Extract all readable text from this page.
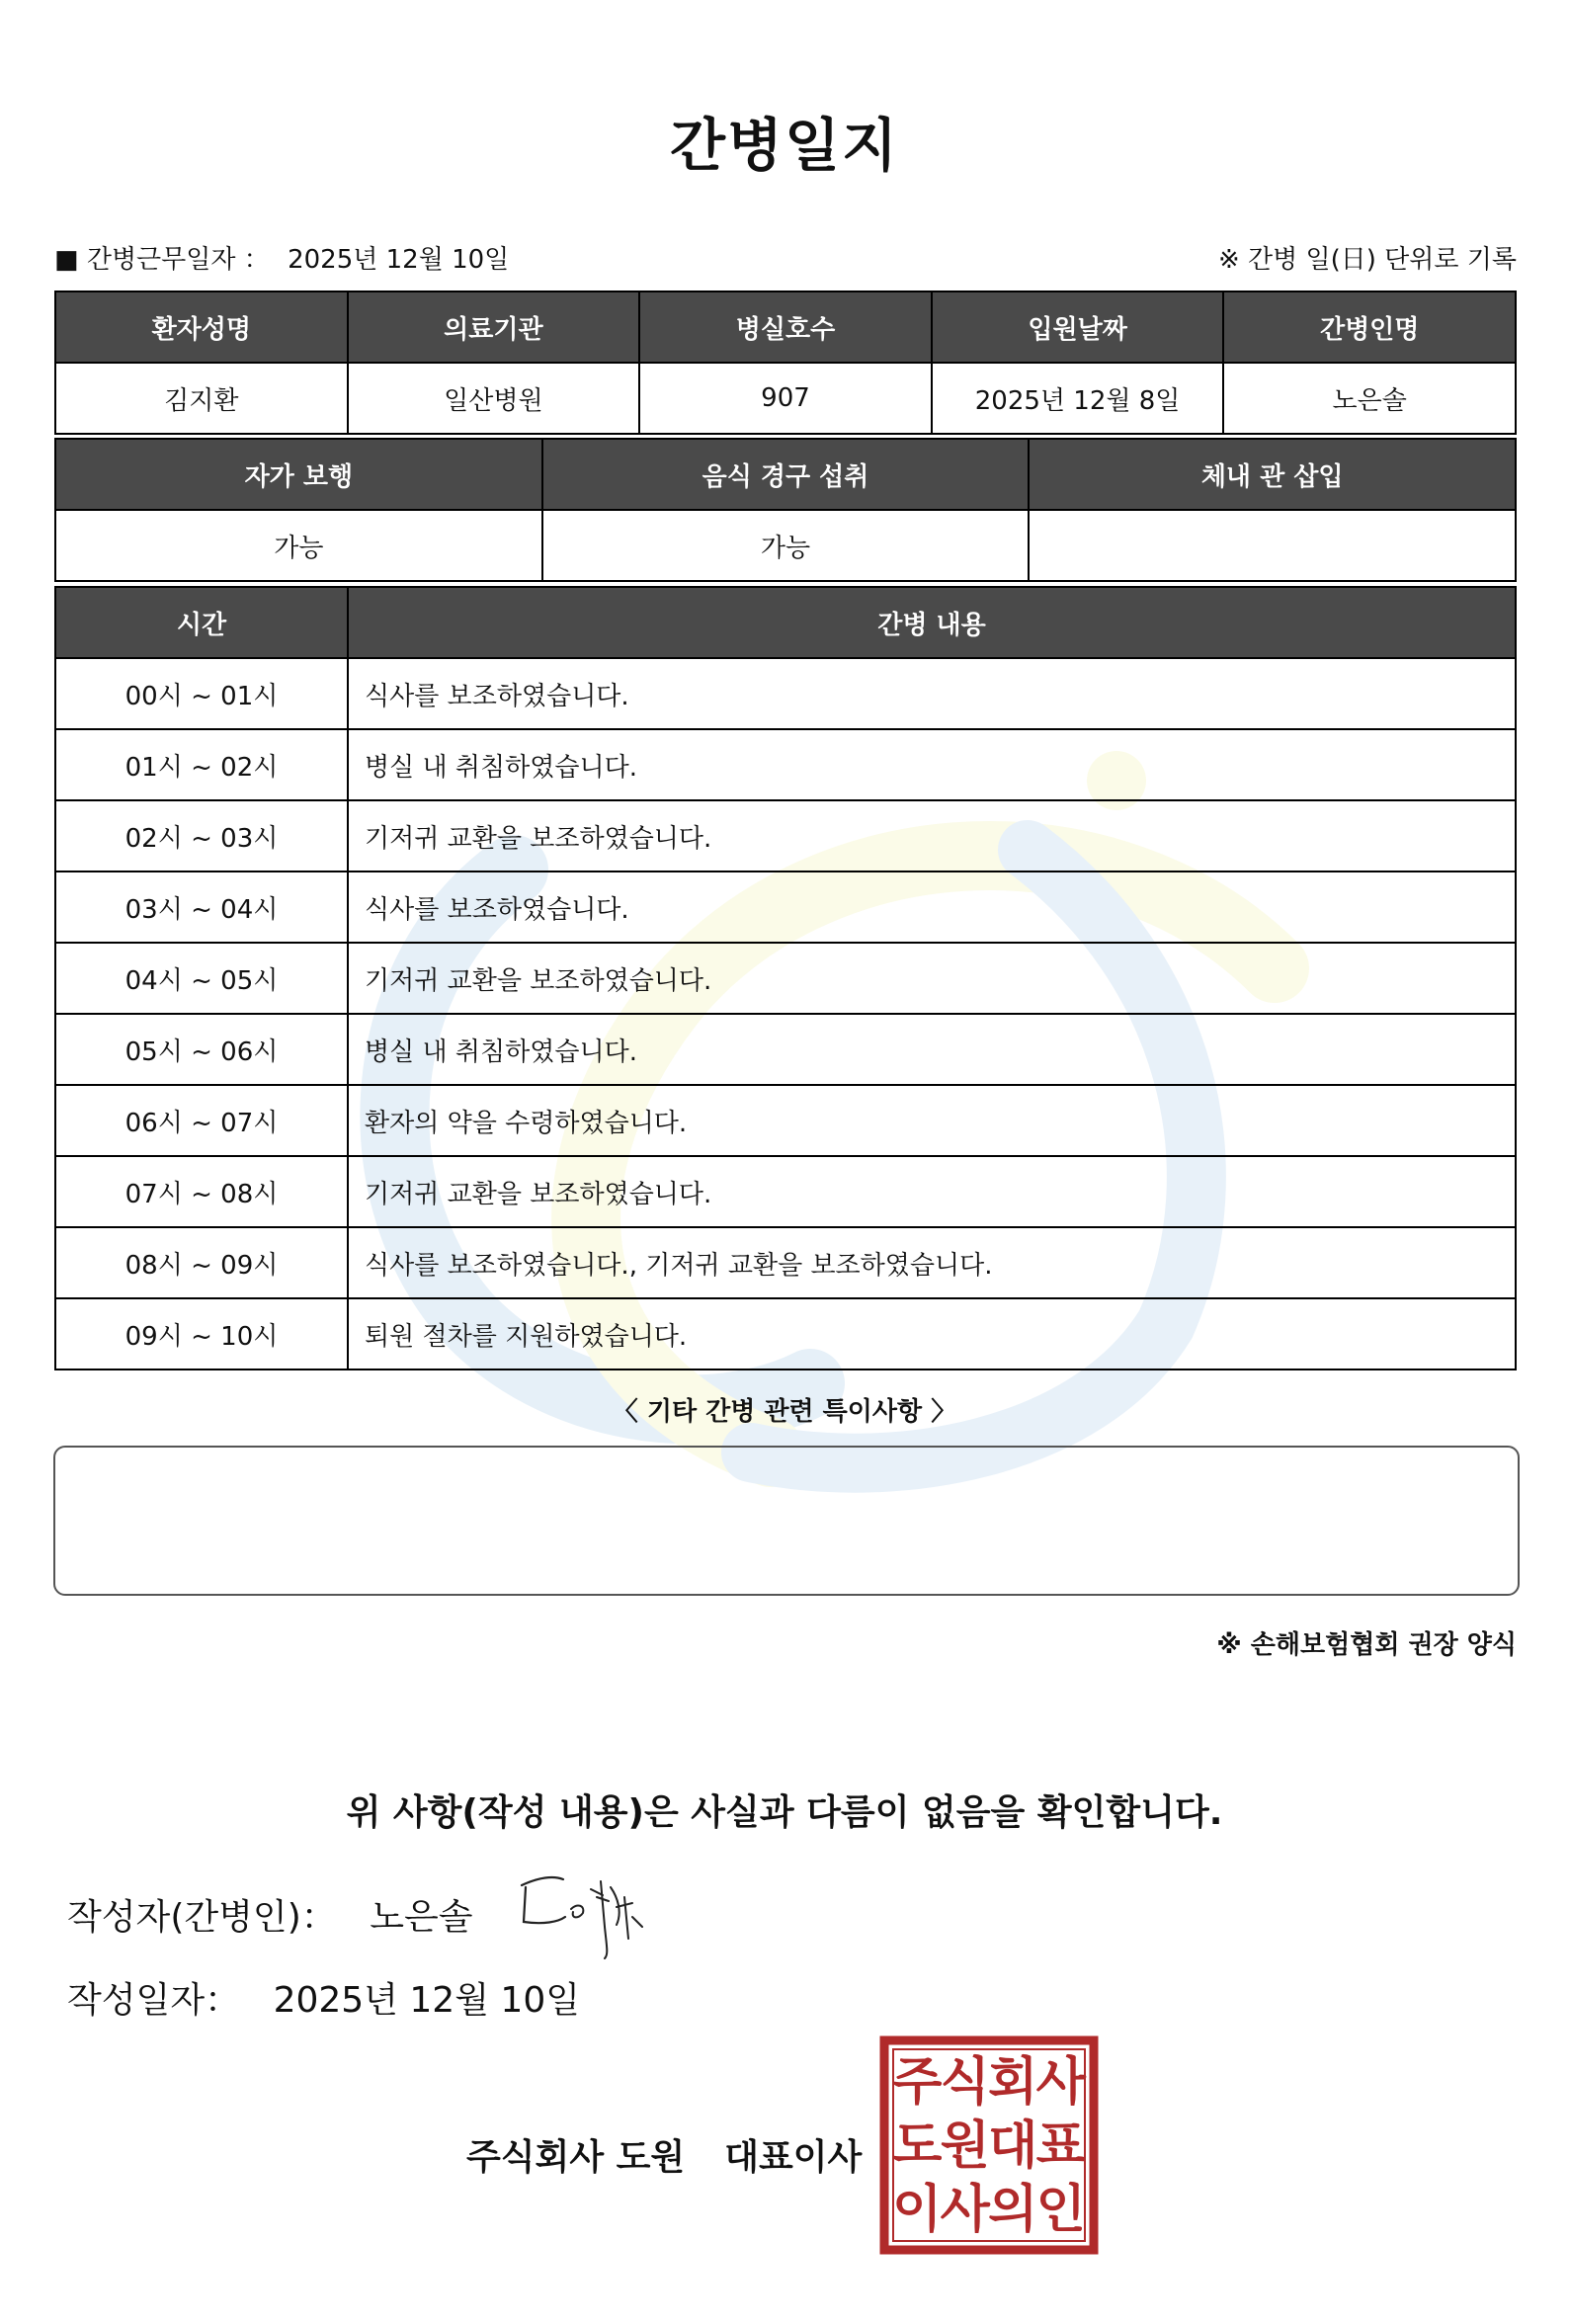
간병일지
■ 간병근무일자 ： 2025년 12월 10일	※ 간병 일(日) 단위로 기록
환자성명	의료기관	병실호수	입원날짜	간병인명
김지환	일산병원	907	2025년 12월 8일	노은솔
자가 보행	음식 경구 섭취	체내 관 삽입
가능	가능	
시간	간병 내용
00시 ~ 01시	식사를 보조하였습니다.
01시 ~ 02시	병실 내 취침하였습니다.
02시 ~ 03시	기저귀 교환을 보조하였습니다.
03시 ~ 04시	식사를 보조하였습니다.
04시 ~ 05시	기저귀 교환을 보조하였습니다.
05시 ~ 06시	병실 내 취침하였습니다.
06시 ~ 07시	환자의 약을 수령하였습니다.
07시 ~ 08시	기저귀 교환을 보조하였습니다.
08시 ~ 09시	식사를 보조하였습니다., 기저귀 교환을 보조하였습니다.
09시 ~ 10시	퇴원 절차를 지원하였습니다.
〈 기타 간병 관련 특이사항 〉
※ 손해보험협회 권장 양식
위 사항(작성 내용)은 사실과 다름이 없음을 확인합니다.
작성자(간병인)： 노은솔
작성일자： 2025년 12월 10일
주식회사 도원 대표이사
주
식
회
사
도
원
대
표
이
사
의
인
